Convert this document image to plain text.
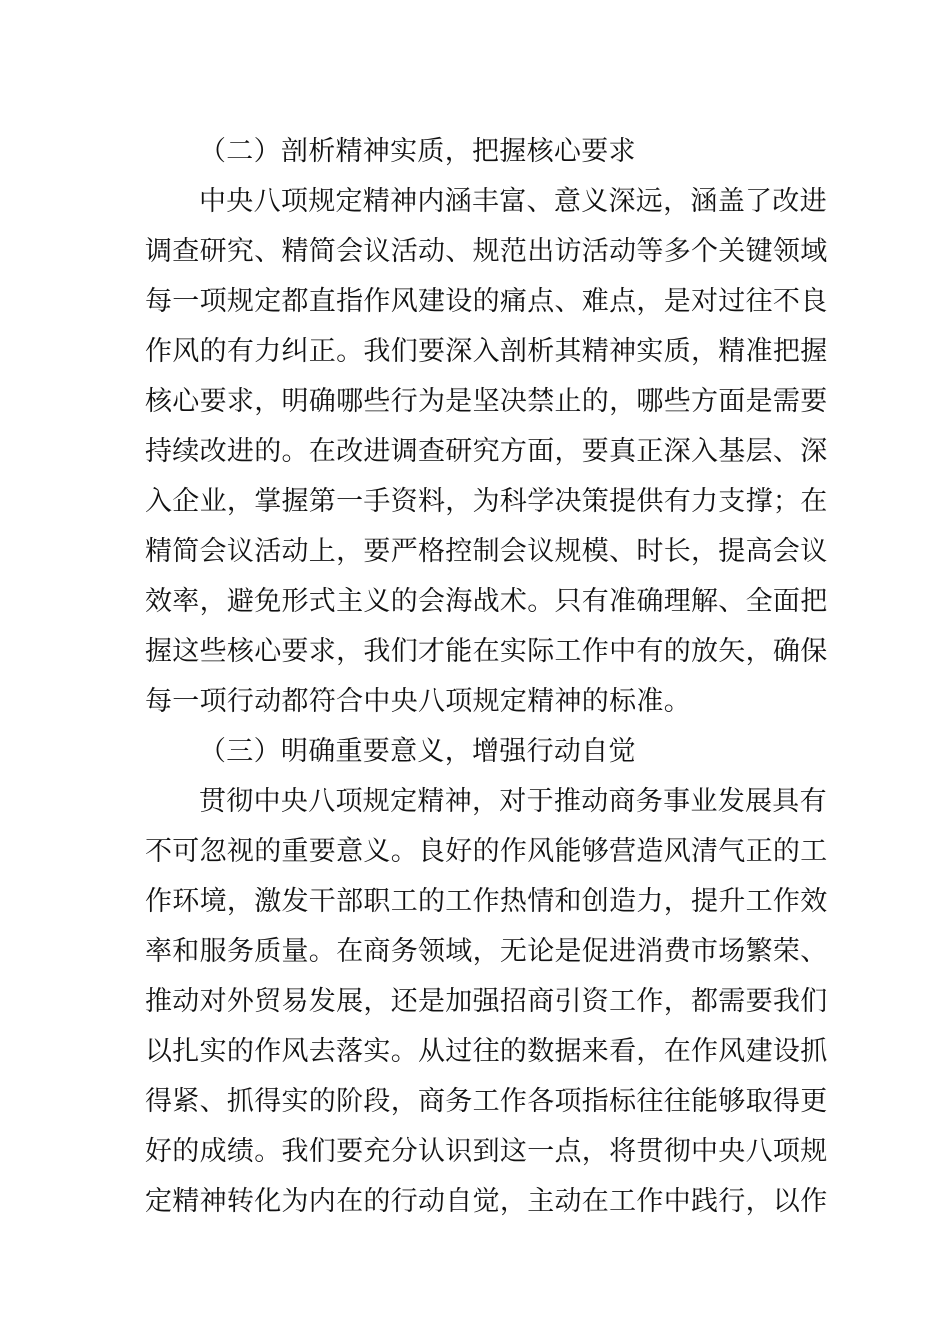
（二）剖析精神实质，把握核心要求
中央八项规定精神内涵丰富、意义深远，涵盖了改进
调查研究、精简会议活动、规范出访活动等多个关键领域
每一项规定都直指作风建设的痛点、难点，是对过往不良
作风的有力纠正。我们要深入剖析其精神实质，精准把握
核心要求，明确哪些行为是坚决禁止的，哪些方面是需要
持续改进的。在改进调查研究方面，要真正深入基层、深
入企业，掌握第一手资料，为科学决策提供有力支撑；在
精简会议活动上，要严格控制会议规模、时长，提高会议
效率，避免形式主义的会海战术。只有准确理解、全面把
握这些核心要求，我们才能在实际工作中有的放矢，确保
每一项行动都符合中央八项规定精神的标准。
（三）明确重要意义，增强行动自觉
贯彻中央八项规定精神，对于推动商务事业发展具有
不可忽视的重要意义。良好的作风能够营造风清气正的工
作环境，激发干部职工的工作热情和创造力，提升工作效
率和服务质量。在商务领域，无论是促进消费市场繁荣、
推动对外贸易发展，还是加强招商引资工作，都需要我们
以扎实的作风去落实。从过往的数据来看，在作风建设抓
得紧、抓得实的阶段，商务工作各项指标往往能够取得更
好的成绩。我们要充分认识到这一点，将贯彻中央八项规
定精神转化为内在的行动自觉，主动在工作中践行，以作
